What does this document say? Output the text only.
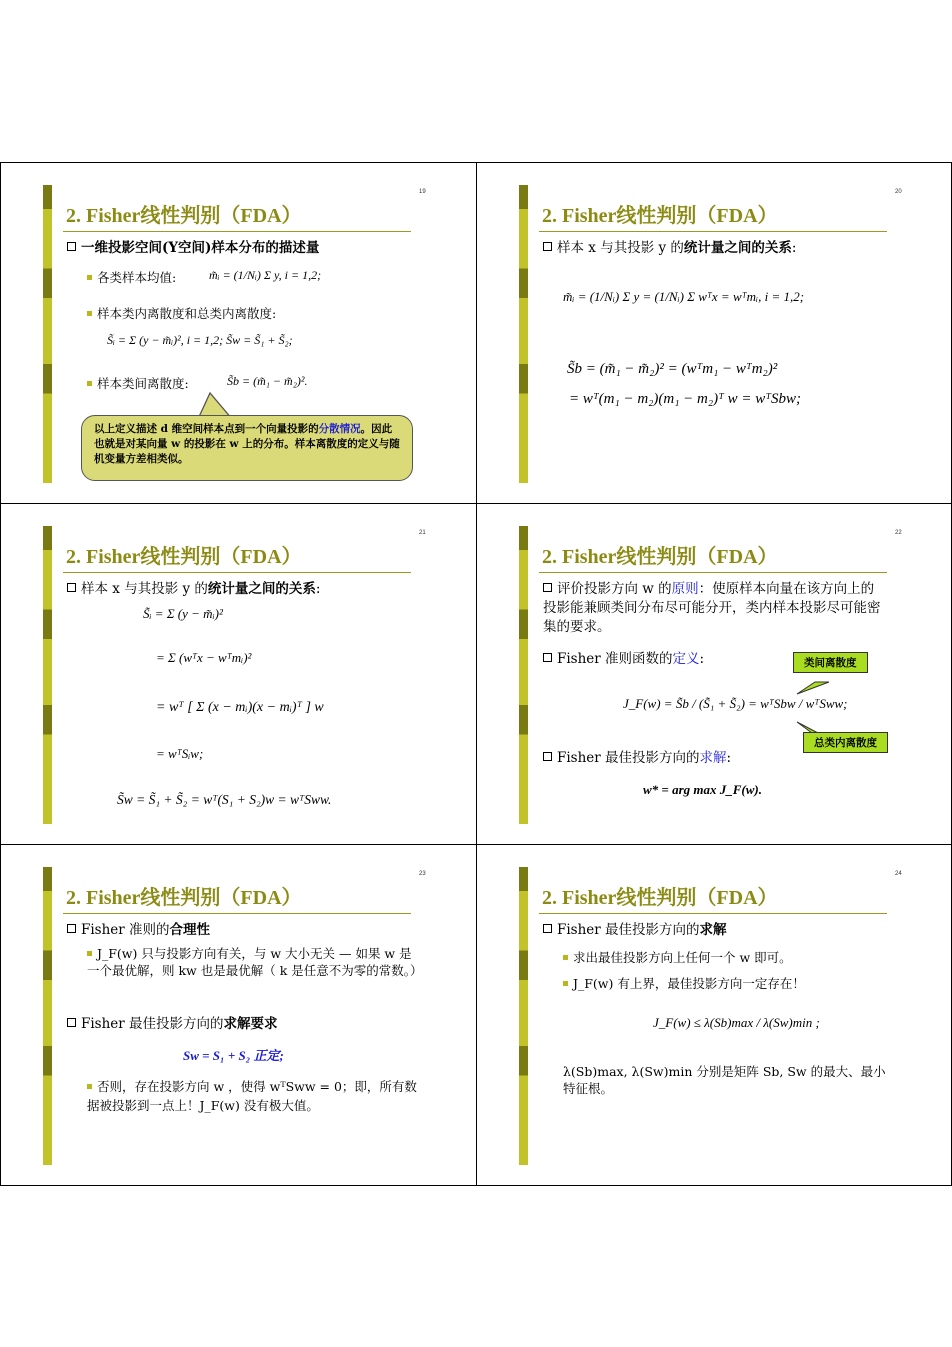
2. Fisher线性判别（FDA）
19
一维投影空间(Y空间)样本分布的描述量
各类样本均值:	m̃ᵢ = (1/Nᵢ) Σ y, i = 1,2;
样本类内离散度和总类内离散度:
S̃ᵢ = Σ (y − m̃ᵢ)², i = 1,2; S̃w = S̃₁ + S̃₂;
样本类间离散度:	S̃b = (m̃₁ − m̃₂)².
以上定义描述 d 维空间样本点到一个向量投影的分散情况。因此也就是对某向量 w 的投影在 w 上的分布。样本离散度的定义与随机变量方差相类似。
2. Fisher线性判别（FDA）
20
样本 x 与其投影 y 的统计量之间的关系:
m̃ᵢ = (1/Nᵢ) Σ y = (1/Nᵢ) Σ wᵀx = wᵀmᵢ, i = 1,2;
S̃b = (m̃₁ − m̃₂)² = (wᵀm₁ − wᵀm₂)²
= wᵀ(m₁ − m₂)(m₁ − m₂)ᵀ w = wᵀSbw;
2. Fisher线性判别（FDA）
21
样本 x 与其投影 y 的统计量之间的关系:
S̃ᵢ = Σ (y − m̃ᵢ)²
= Σ (wᵀx − wᵀmᵢ)²
= wᵀ [ Σ (x − mᵢ)(x − mᵢ)ᵀ ] w
= wᵀSᵢw;
S̃w = S̃₁ + S̃₂ = wᵀ(S₁ + S₂)w = wᵀSww.
2. Fisher线性判别（FDA）
22
评价投影方向 w 的原则：使原样本向量在该方向上的投影能兼顾类间分布尽可能分开，类内样本投影尽可能密集的要求。
Fisher 准则函数的定义:
J_F(w) = S̃b / (S̃₁ + S̃₂) = wᵀSbw / wᵀSww;
类间离散度
总类内离散度
Fisher 最佳投影方向的求解:
w* = arg max J_F(w).
2. Fisher线性判别（FDA）
23
Fisher 准则的合理性
J_F(w) 只与投影方向有关，与 w 大小无关 — 如果 w 是一个最优解，则 kw 也是最优解（ k 是任意不为零的常数。）
Fisher 最佳投影方向的求解要求
Sw = S₁ + S₂ 正定;
否则，存在投影方向 w ，使得 wᵀSww = 0；即，所有数据被投影到一点上！J_F(w) 没有极大值。
2. Fisher线性判别（FDA）
24
Fisher 最佳投影方向的求解
求出最佳投影方向上任何一个 w 即可。
J_F(w) 有上界，最佳投影方向一定存在！
J_F(w) ≤ λ(Sb)max / λ(Sw)min ;
λ(Sb)max, λ(Sw)min 分别是矩阵 Sb, Sw 的最大、最小特征根。
